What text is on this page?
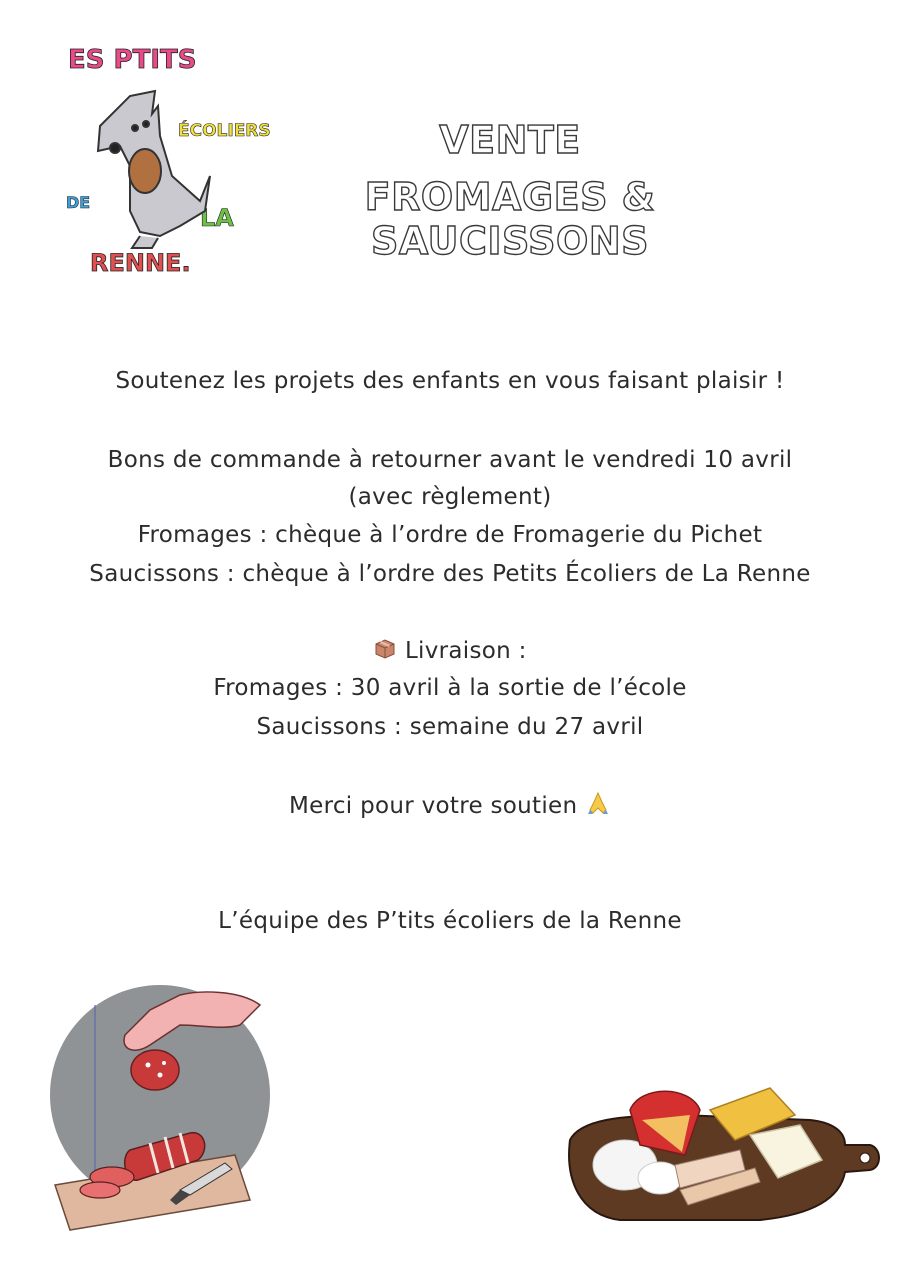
ES PTITS
ÉCOLIERS
DE
LA
RENNE.
VENTE
FROMAGES & SAUCISSONS
Soutenez les projets des enfants en vous faisant plaisir !
Bons de commande à retourner avant le vendredi 10 avril
(avec règlement)
Fromages : chèque à l’ordre de Fromagerie du Pichet
Saucissons : chèque à l’ordre des Petits Écoliers de La Renne
Livraison :
Fromages : 30 avril à la sortie de l’école
Saucissons : semaine du 27 avril
Merci pour votre soutien
L’équipe des P’tits écoliers de la Renne
